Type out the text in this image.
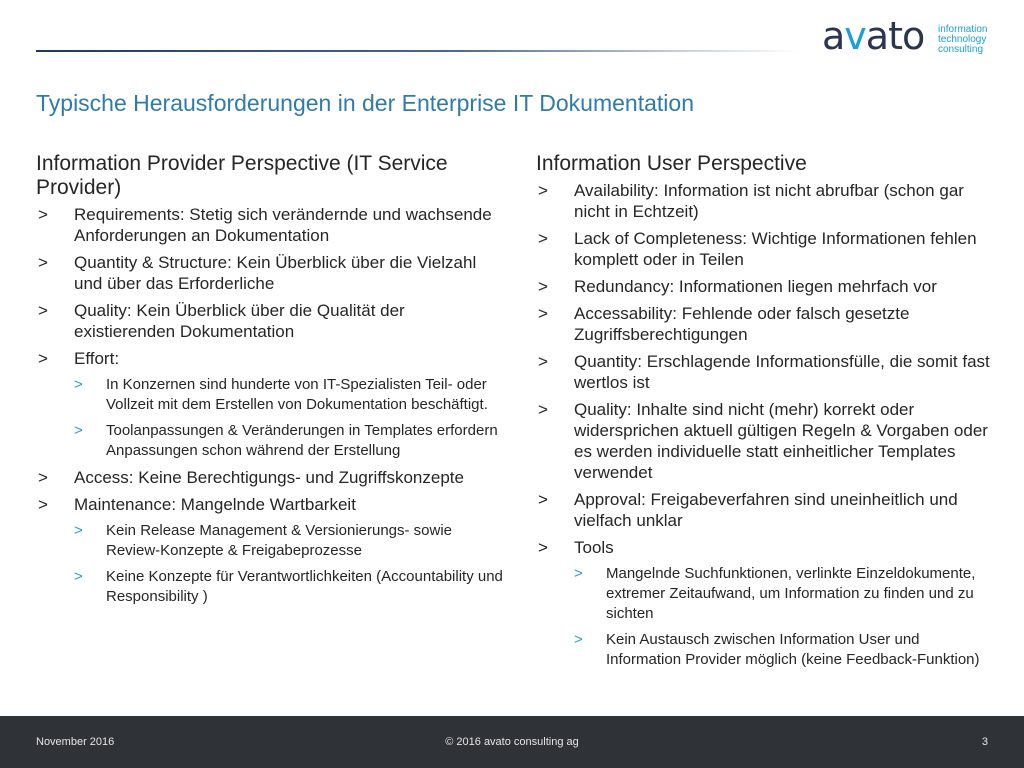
avato information
technology
consulting
Typische Herausforderungen in der Enterprise IT Dokumentation
Information Provider Perspective (IT Service Provider)
> Requirements: Stetig sich verändernde und wachsende Anforderungen an Dokumentation
> Quantity & Structure: Kein Überblick über die Vielzahl und über das Erforderliche
> Quality: Kein Überblick über die Qualität der existierenden Dokumentation
> Effort:
> In Konzernen sind hunderte von IT-Spezialisten Teil- oder Vollzeit mit dem Erstellen von Dokumentation beschäftigt.
> Toolanpassungen & Veränderungen in Templates erfordern Anpassungen schon während der Erstellung
> Access: Keine Berechtigungs- und Zugriffskonzepte
> Maintenance: Mangelnde Wartbarkeit
> Kein Release Management & Versionierungs- sowie Review-Konzepte & Freigabeprozesse
> Keine Konzepte für Verantwortlichkeiten (Accountability und Responsibility )
Information User Perspective
> Availability: Information ist nicht abrufbar (schon gar nicht in Echtzeit)
> Lack of Completeness: Wichtige Informationen fehlen komplett oder in Teilen
> Redundancy: Informationen liegen mehrfach vor
> Accessability: Fehlende oder falsch gesetzte Zugriffsberechtigungen
> Quantity: Erschlagende Informationsfülle, die somit fast wertlos ist
> Quality: Inhalte sind nicht (mehr) korrekt oder widersprichen aktuell gültigen Regeln & Vorgaben oder es werden individuelle statt einheitlicher Templates verwendet
> Approval: Freigabeverfahren sind uneinheitlich und vielfach unklar
> Tools
> Mangelnde Suchfunktionen, verlinkte Einzeldokumente, extremer Zeitaufwand, um Information zu finden und zu sichten
> Kein Austausch zwischen Information User und Information Provider möglich (keine Feedback-Funktion)
November 2016	© 2016 avato consulting ag	3
